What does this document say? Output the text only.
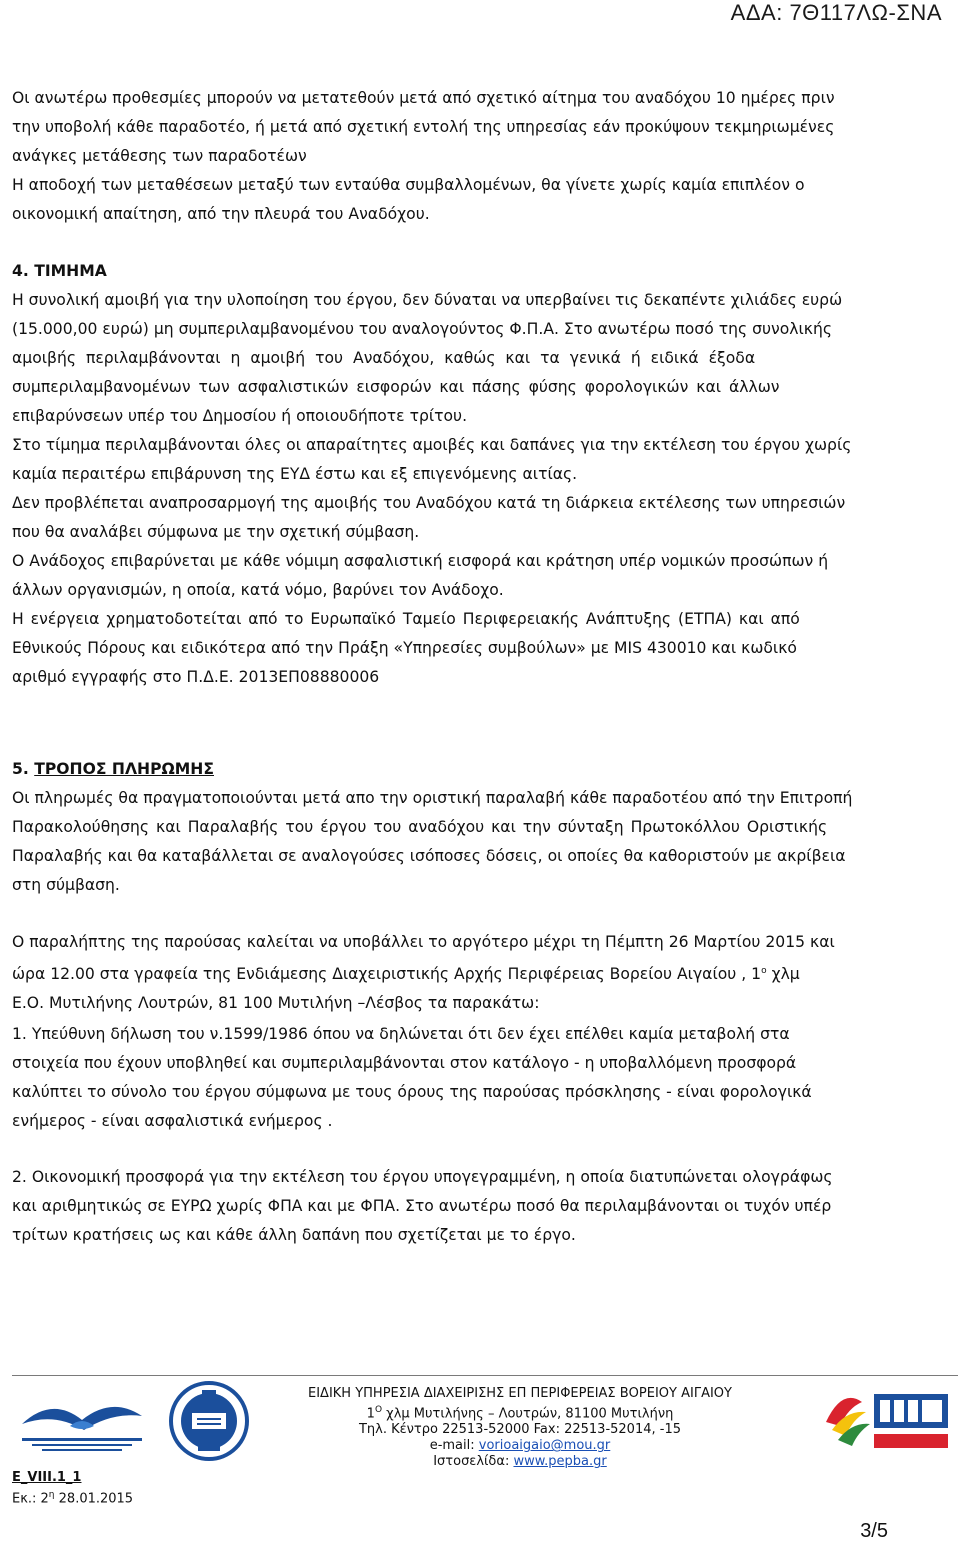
ΑΔΑ: 7Θ117ΛΩ-ΣΝΑ
Οι ανωτέρω προθεσμίες μπορούν να μετατεθούν μετά από σχετικό αίτημα του αναδόχου 10 ημέρες πριν
την υποβολή κάθε παραδοτέο, ή μετά από σχετική εντολή της υπηρεσίας εάν προκύψουν τεκμηριωμένες
ανάγκες μετάθεσης των παραδοτέων
Η αποδοχή των μεταθέσεων μεταξύ των ενταύθα συμβαλλομένων, θα γίνετε χωρίς καμία επιπλέον ο
οικονομική απαίτηση, από την πλευρά του Αναδόχου.
4. ΤΙΜΗΜΑ
Η συνολική αμοιβή για την υλοποίηση του έργου, δεν δύναται να υπερβαίνει τις δεκαπέντε χιλιάδες ευρώ
(15.000,00 ευρώ) μη συμπεριλαμβανομένου του αναλογούντος Φ.Π.Α. Στο ανωτέρω ποσό της συνολικής
αμοιβής περιλαμβάνονται η αμοιβή του Αναδόχου, καθώς και τα γενικά ή ειδικά έξοδα
συμπεριλαμβανομένων των ασφαλιστικών εισφορών και πάσης φύσης φορολογικών και άλλων
επιβαρύνσεων υπέρ του Δημοσίου ή οποιουδήποτε τρίτου.
Στο τίμημα περιλαμβάνονται όλες οι απαραίτητες αμοιβές και δαπάνες για την εκτέλεση του έργου χωρίς
καμία περαιτέρω επιβάρυνση της ΕΥΔ έστω και εξ επιγενόμενης αιτίας.
Δεν προβλέπεται αναπροσαρμογή της αμοιβής του Αναδόχου κατά τη διάρκεια εκτέλεσης των υπηρεσιών
που θα αναλάβει σύμφωνα με την σχετική σύμβαση.
Ο Ανάδοχος επιβαρύνεται με κάθε νόμιμη ασφαλιστική εισφορά και κράτηση υπέρ νομικών προσώπων ή
άλλων οργανισμών, η οποία, κατά νόμο, βαρύνει τον Ανάδοχο.
Η ενέργεια χρηματοδοτείται από το Ευρωπαϊκό Ταμείο Περιφερειακής Ανάπτυξης (ΕΤΠΑ) και από
Εθνικούς Πόρους και ειδικότερα από την Πράξη «Υπηρεσίες συμβούλων» με MIS 430010 και κωδικό
αριθμό εγγραφής στο Π.Δ.Ε. 2013ΕΠ08880006
5. ΤΡΟΠΟΣ ΠΛΗΡΩΜΗΣ
Οι πληρωμές θα πραγματοποιούνται μετά απο την οριστική παραλαβή κάθε παραδοτέου από την Επιτροπή
Παρακολούθησης και Παραλαβής του έργου του αναδόχου και την σύνταξη Πρωτοκόλλου Οριστικής
Παραλαβής και θα καταβάλλεται σε αναλογούσες ισόποσες δόσεις, οι οποίες θα καθοριστούν με ακρίβεια
στη σύμβαση.
Ο παραλήπτης της παρούσας καλείται να υποβάλλει το αργότερο μέχρι τη Πέμπτη 26 Μαρτίου 2015 και
ώρα 12.00 στα γραφεία της Ενδιάμεσης Διαχειριστικής Αρχής Περιφέρειας Βορείου Αιγαίου , $1^o$ χλμ
Ε.Ο. Μυτιλήνης Λουτρών, 81 100 Μυτιλήνη –Λέσβος τα παρακάτω:
1. Υπεύθυνη δήλωση του ν.1599/1986 όπου να δηλώνεται ότι δεν έχει επέλθει καμία μεταβολή στα
στοιχεία που έχουν υποβληθεί και συμπεριλαμβάνονται στον κατάλογο - η υποβαλλόμενη προσφορά
καλύπτει το σύνολο του έργου σύμφωνα με τους όρους της παρούσας πρόσκλησης - είναι φορολογικά
ενήμερος - είναι ασφαλιστικά ενήμερος .
2. Οικονομική προσφορά για την εκτέλεση του έργου υπογεγραμμένη, η οποία διατυπώνεται ολογράφως
και αριθμητικώς σε ΕΥΡΩ χωρίς ΦΠΑ και με ΦΠΑ. Στο ανωτέρω ποσό θα περιλαμβάνονται οι τυχόν υπέρ
τρίτων κρατήσεις ως και κάθε άλλη δαπάνη που σχετίζεται με το έργο.
ΕΙΔΙΚΗ ΥΠΗΡΕΣΙΑ ΔΙΑΧΕΙΡΙΣΗΣ ΕΠ ΠΕΡΙΦΕΡΕΙΑΣ ΒΟΡΕΙΟΥ ΑΙΓΑΙΟΥ
$1^O$ χλμ Μυτιλήνης – Λουτρών, 81100 Μυτιλήνη
Τηλ. Κέντρο 22513-52000 Fax: 22513-52014, -15
e-mail: vorioaigaio@mou.gr
Ιστοσελίδα: www.pepba.gr
E_VIII.1_1
Εκ.: $2^\eta$ 28.01.2015
3/5
